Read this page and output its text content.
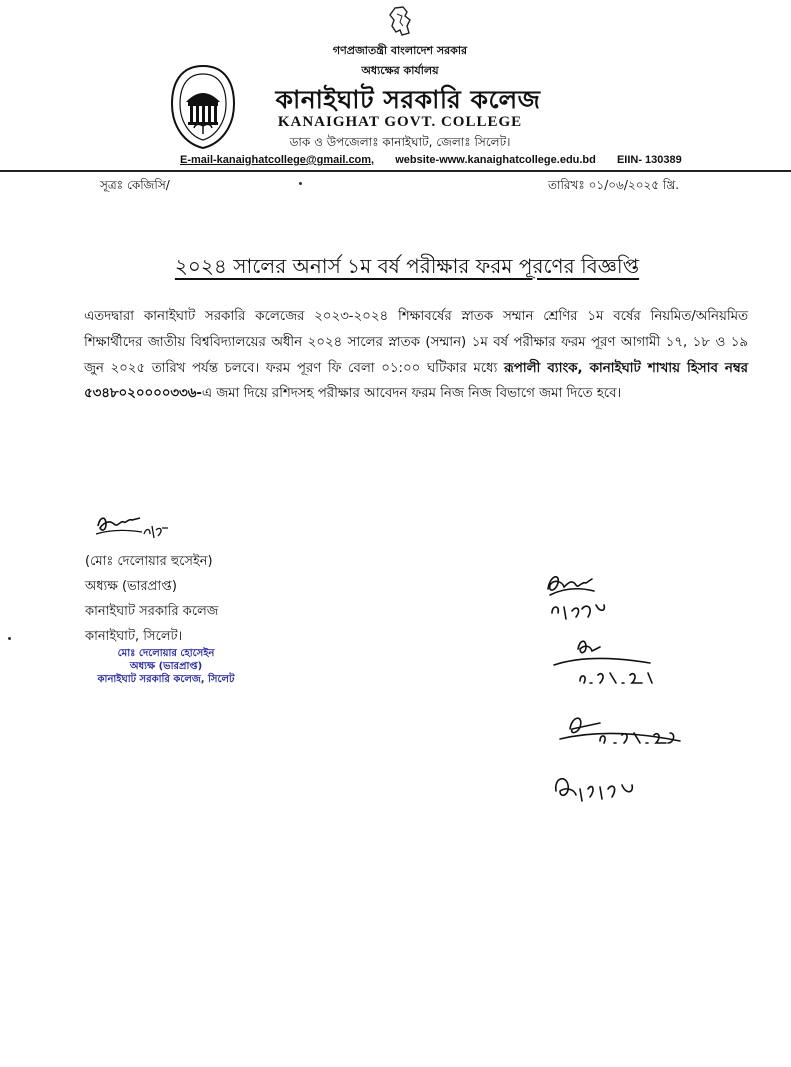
গণপ্রজাতন্ত্রী বাংলাদেশ সরকার
অধ্যক্ষের কার্যালয়
কানাইঘাট সরকারি কলেজ
KANAIGHAT GOVT. COLLEGE
ডাক ও উপজেলাঃ কানাইঘাট, জেলাঃ সিলেট।
E-mail-kanaighatcollege@gmail.com, website-www.kanaighatcollege.edu.bd EIIN- 130389
সূত্রঃ কেজিসি/	তারিখঃ ০১/০৬/২০২৫ খ্রি.
২০২৪ সালের অনার্স ১ম বর্ষ পরীক্ষার ফরম পূরণের বিজ্ঞপ্তি
এতদদ্বারা কানাইঘাট সরকারি কলেজের ২০২৩-২০২৪ শিক্ষাবর্ষের স্নাতক সম্মান শ্রেণির ১ম বর্ষের নিয়মিত/অনিয়মিত শিক্ষার্থীদের জাতীয় বিশ্ববিদ্যালয়ের অধীন ২০২৪ সালের স্নাতক (সম্মান) ১ম বর্ষ পরীক্ষার ফরম পূরণ আগামী ১৭, ১৮ ও ১৯ জুন ২০২৫ তারিখ পর্যন্ত চলবে। ফরম পূরণ ফি বেলা ০১:০০ ঘটিকার মধ্যে রূপালী ব্যাংক, কানাইঘাট শাখায় হিসাব নম্বর ৫৩৪৮০২০০০০৩৩৬-এ জমা দিয়ে রশিদসহ পরীক্ষার আবেদন ফরম নিজ নিজ বিভাগে জমা দিতে হবে।
(মোঃ দেলোয়ার হুসেইন)
অধ্যক্ষ (ভারপ্রাপ্ত)
কানাইঘাট সরকারি কলেজ
কানাইঘাট, সিলেট।
মোঃ দেলোয়ার হোসেইন
অধ্যক্ষ (ভারপ্রাপ্ত)
কানাইঘাট সরকারি কলেজ, সিলেট
